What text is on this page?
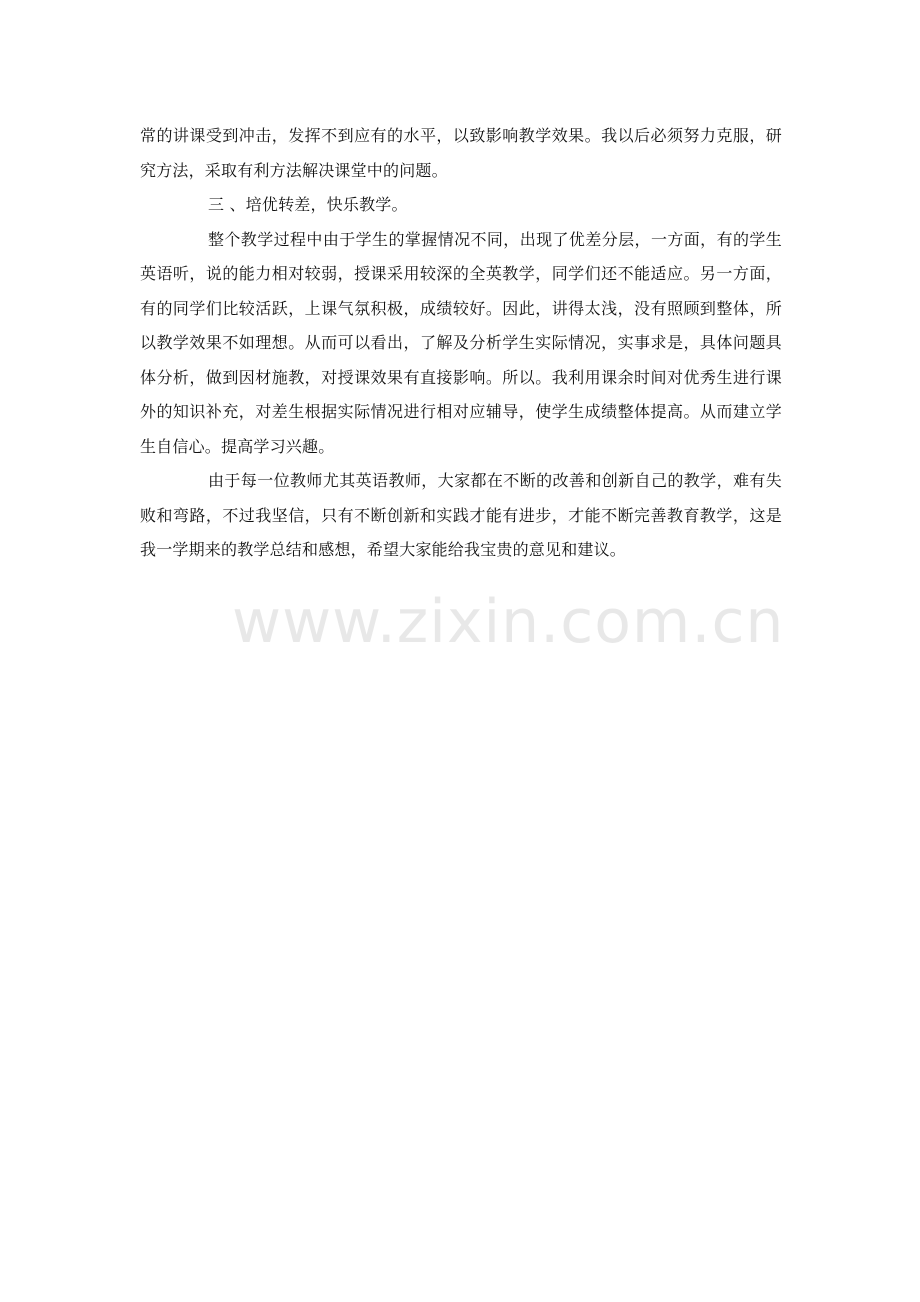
常的讲课受到冲击，发挥不到应有的水平，以致影响教学效果。我以后必须努力克服，研究方法，采取有利方法解决课堂中的问题。

三 、培优转差，快乐教学。

整个教学过程中由于学生的掌握情况不同，出现了优差分层，一方面，有的学生英语听，说的能力相对较弱，授课采用较深的全英教学，同学们还不能适应。另一方面，有的同学们比较活跃，上课气氛积极，成绩较好。因此，讲得太浅，没有照顾到整体，所以教学效果不如理想。从而可以看出，了解及分析学生实际情况，实事求是，具体问题具体分析，做到因材施教，对授课效果有直接影响。所以。我利用课余时间对优秀生进行课外的知识补充，对差生根据实际情况进行相对应辅导，使学生成绩整体提高。从而建立学生自信心。提高学习兴趣。

由于每一位教师尤其英语教师，大家都在不断的改善和创新自己的教学，难有失败和弯路，不过我坚信，只有不断创新和实践才能有进步，才能不断完善教育教学，这是我一学期来的教学总结和感想，希望大家能给我宝贵的意见和建议。

www.zixin.com.cn
